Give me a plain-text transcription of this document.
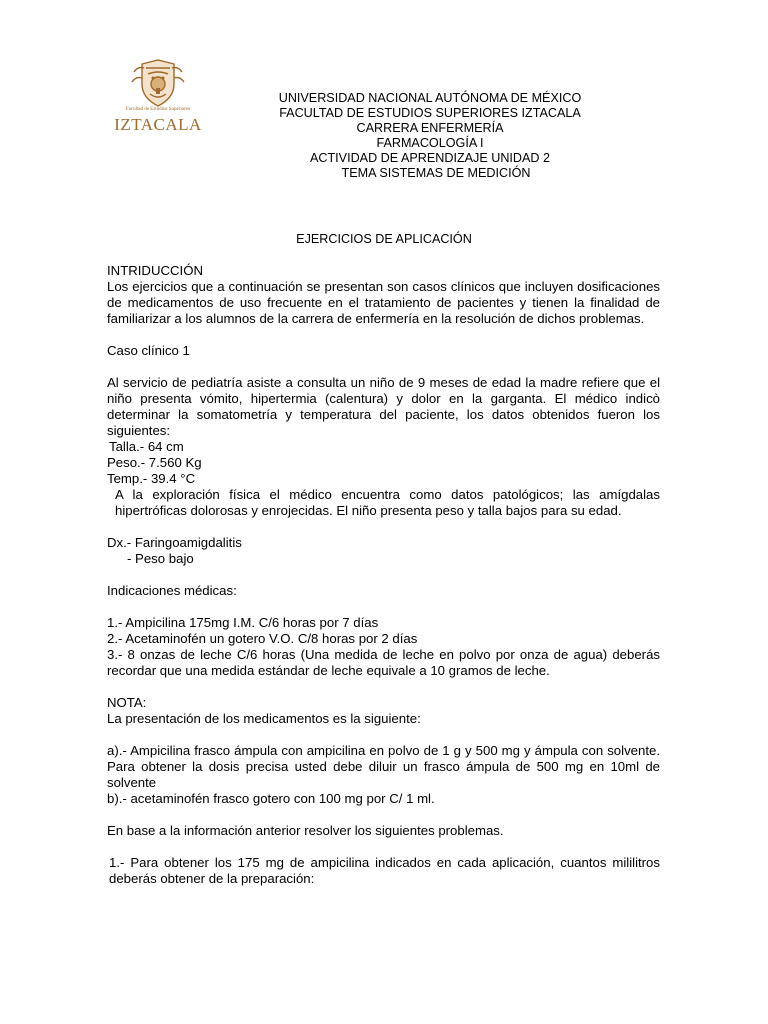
Facultad de Estudios Superiores
IZTACALA
UNIVERSIDAD NACIONAL AUTÓNOMA DE MÉXICO
FACULTAD DE ESTUDIOS SUPERIORES IZTACALA
CARRERA ENFERMERÍA
FARMACOLOGÍA I
ACTIVIDAD DE APRENDIZAJE UNIDAD 2
TEMA SISTEMAS DE MEDICIÓN
EJERCICIOS DE APLICACIÓN

INTRIDUCCIÓN

Los ejercicios que a continuación se presentan son casos clínicos que incluyen dosificaciones de medicamentos de uso frecuente en el tratamiento de pacientes y tienen la finalidad de familiarizar a los alumnos de la carrera de enfermería en la resolución de dichos problemas.

Caso clínico 1

Al servicio de pediatría asiste a consulta un niño de 9 meses de edad la madre refiere que el niño presenta vómito, hipertermia (calentura) y dolor en la garganta. El médico indicò determinar la somatometría y temperatura del paciente, los datos obtenidos fueron los siguientes:

Talla.- 64 cm

Peso.- 7.560 Kg

Temp.- 39.4 °C

A la exploración física el médico encuentra como datos patológicos; las amígdalas hipertróficas dolorosas y enrojecidas. El niño presenta peso y talla bajos para su edad.

Dx.- Faringoamigdalitis

- Peso bajo

Indicaciones médicas:

1.- Ampicilina 175mg I.M. C/6 horas por 7 días

2.- Acetaminofén un gotero V.O. C/8 horas por 2 días

3.- 8 onzas de leche C/6 horas (Una medida de leche en polvo por onza de agua) deberás recordar que una medida estándar de leche equivale a 10 gramos de leche.

NOTA:

La presentación de los medicamentos es la siguiente:

a).- Ampicilina frasco ámpula con ampicilina en polvo de 1 g y 500 mg y ámpula con solvente. Para obtener la dosis precisa usted debe diluir un frasco ámpula de 500 mg en 10ml de solvente

b).- acetaminofén frasco gotero con 100 mg por C/ 1 ml.

En base a la información anterior resolver los siguientes problemas.

1.- Para obtener los 175 mg de ampicilina indicados en cada aplicación, cuantos mililitros deberás obtener de la preparación:
